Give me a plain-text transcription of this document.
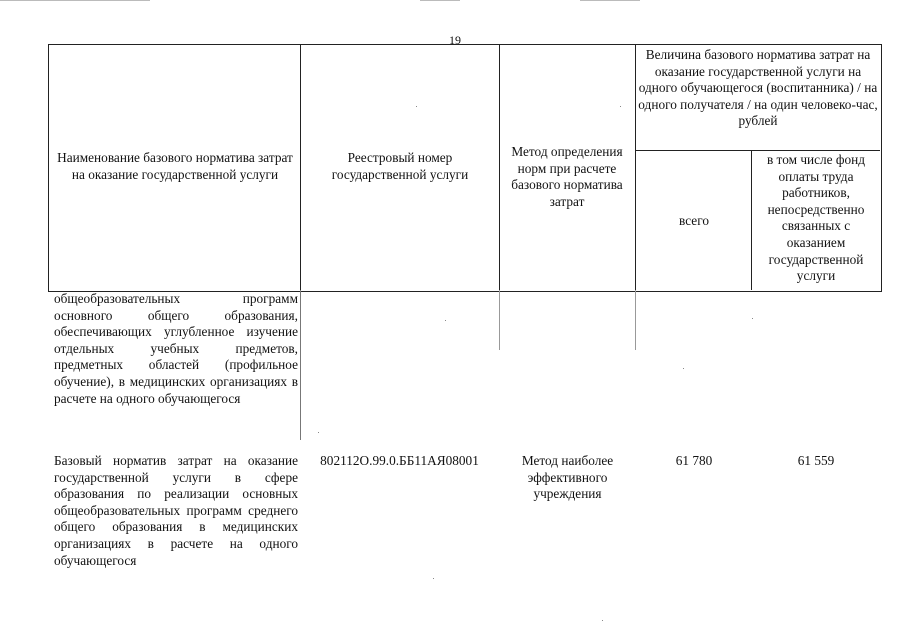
19
Наименование базового норматива затрат на оказание государственной услуги
Реестровый номер государственной услуги
Метод определения норм при расчете базового норматива затрат
Величина базового норматива затрат на оказание государственной услуги на одного обучающегося (воспитанника) / на одного получателя / на один человеко-час, рублей
всего
в том числе фонд оплаты труда работников, непосредственно связанных с оказанием государственной услуги
общеобразовательных программ основного общего образования, обеспечивающих углубленное изучение отдельных учебных предметов, предметных областей (профильное обучение), в медицинских организациях в расчете на одного обучающегося
Базовый норматив затрат на оказание государственной услуги в сфере образования по реализации основных общеобразовательных программ среднего общего образования в медицинских организациях в расчете на одного обучающегося
802112О.99.0.ББ11АЯ08001	Метод наиболее эффективного учреждения
61 780	61 559
